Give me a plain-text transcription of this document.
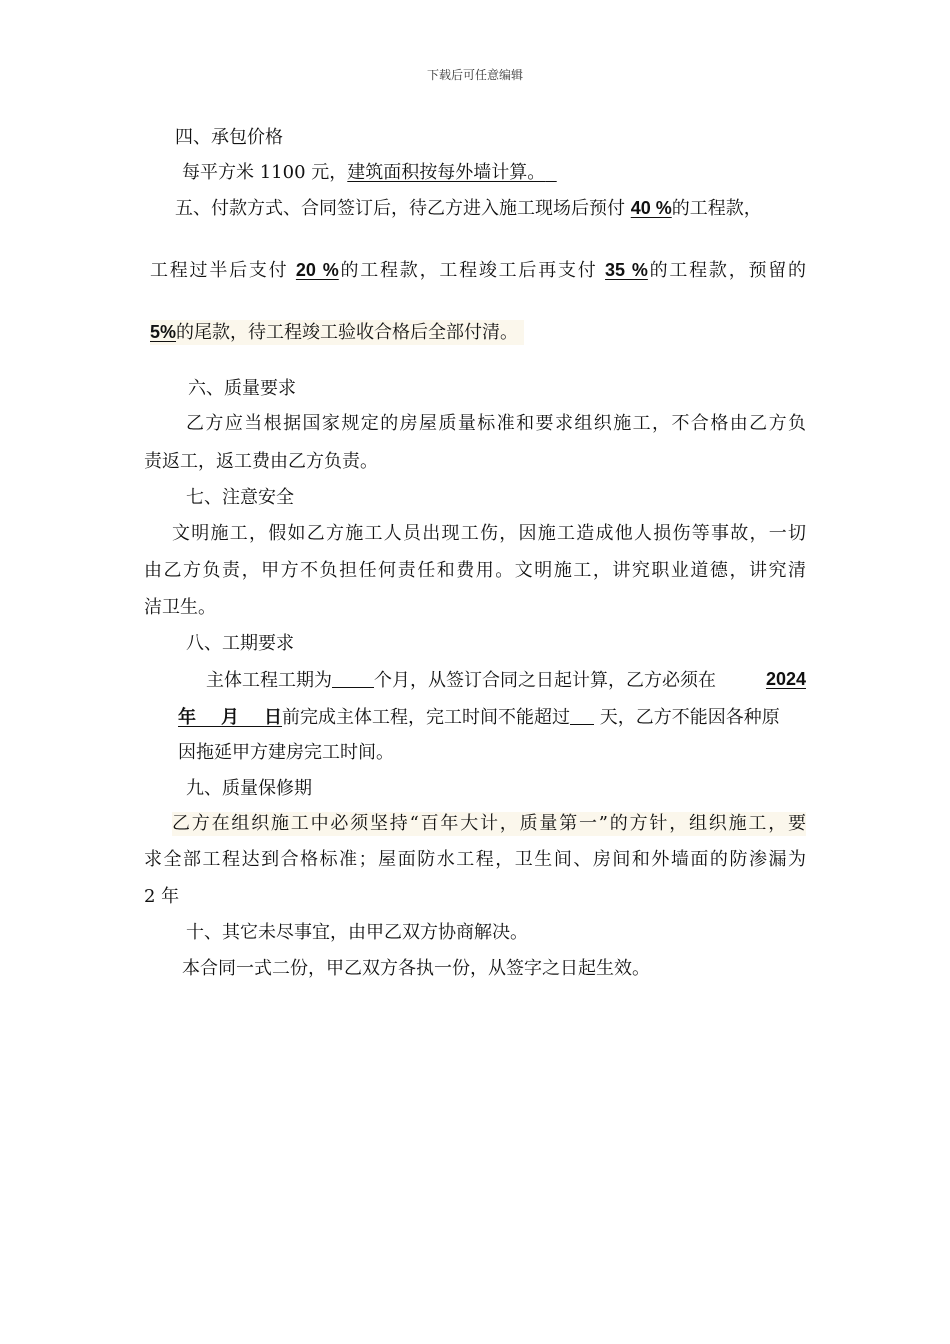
下载后可任意编辑
四、承包价格
每平方米 1100 元，建筑面积按每外墙计算。
五、付款方式、合同签订后，待乙方进入施工现场后预付 40 %的工程款，
工程过半后支付 20 %的工程款，工程竣工后再支付 35 %的工程款，预留的
5%的尾款，待工程竣工验收合格后全部付清。
六、质量要求
乙方应当根据国家规定的房屋质量标准和要求组织施工，不合格由乙方负
责返工，返工费由乙方负责。
七、注意安全
文明施工，假如乙方施工人员出现工伤，因施工造成他人损伤等事故，一切
由乙方负责，甲方不负担任何责任和费用。文明施工，讲究职业道德，讲究清
洁卫生。
八、工期要求
主体工程工期为 个月，从签订合同之日起计算，乙方必须在	2024
年 月 日前完成主体工程，完工时间不能超过 天，乙方不能因各种原
因拖延甲方建房完工时间。
九、质量保修期
乙方在组织施工中必须坚持“百年大计，质量第一”的方针，组织施工，要
求全部工程达到合格标准；屋面防水工程，卫生间、房间和外墙面的防渗漏为
2 年
十、其它未尽事宜，由甲乙双方协商解决。
本合同一式二份，甲乙双方各执一份，从签字之日起生效。
